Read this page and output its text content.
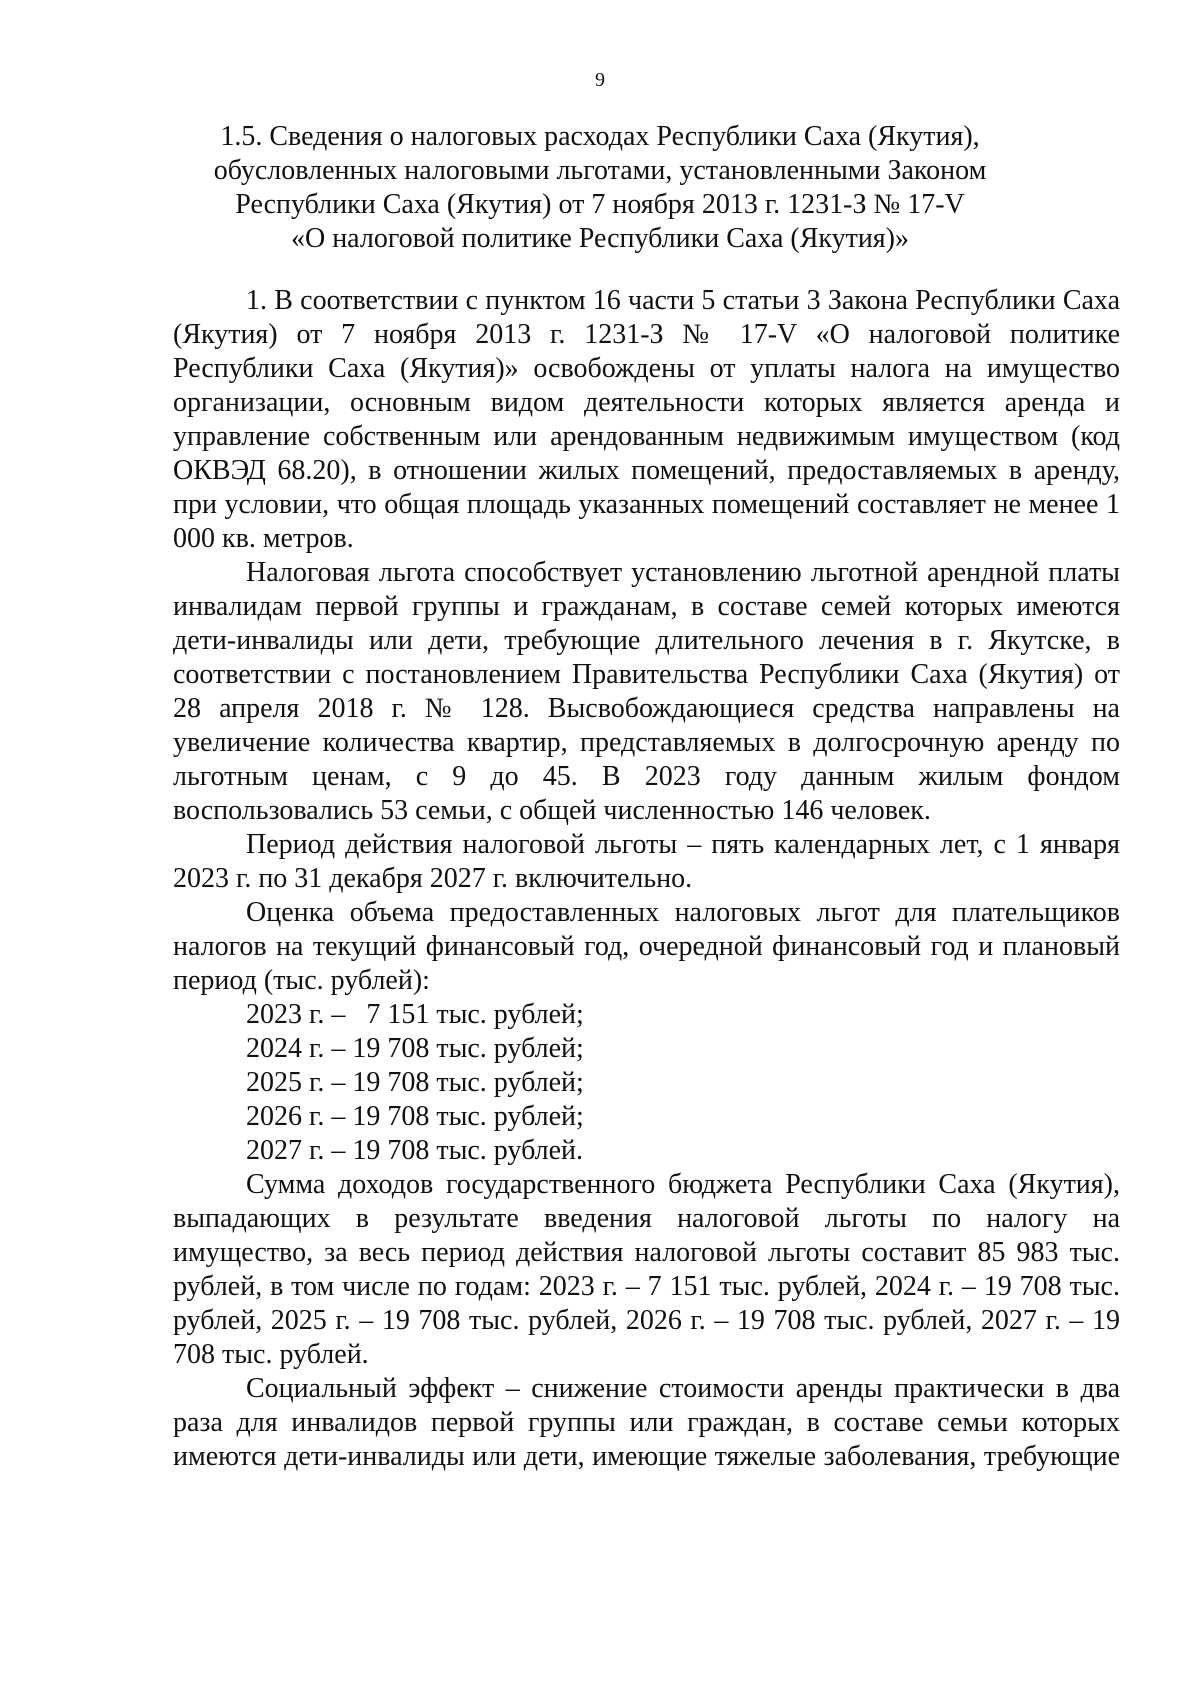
9
1.5. Сведения о налоговых расходах Республики Саха (Якутия),
обусловленных налоговыми льготами, установленными Законом
Республики Саха (Якутия) от 7 ноября 2013 г. 1231-З № 17-V
«О налоговой политике Республики Саха (Якутия)»

1. В соответствии с пунктом 16 части 5 статьи 3 Закона Республики Саха (Якутия) от 7 ноября 2013 г. 1231-З № 17-V «О налоговой политике Республики Саха (Якутия)» освобождены от уплаты налога на имущество организации, основным видом деятельности которых является аренда и управление собственным или арендованным недвижимым имуществом (код ОКВЭД 68.20), в отношении жилых помещений, предоставляемых в аренду, при условии, что общая площадь указанных помещений составляет не менее 1 000 кв. метров.

Налоговая льгота способствует установлению льготной арендной платы инвалидам первой группы и гражданам, в составе семей которых имеются дети-инвалиды или дети, требующие длительного лечения в г. Якутске, в соответствии с постановлением Правительства Республики Саха (Якутия) от 28 апреля 2018 г. № 128. Высвобождающиеся средства направлены на увеличение количества квартир, представляемых в долгосрочную аренду по льготным ценам, с 9 до 45. В 2023 году данным жилым фондом воспользовались 53 семьи, с общей численностью 146 человек.

Период действия налоговой льготы – пять календарных лет, с 1 января 2023 г. по 31 декабря 2027 г. включительно.

Оценка объема предоставленных налоговых льгот для плательщиков налогов на текущий финансовый год, очередной финансовый год и плановый период (тыс. рублей):

2023 г. –   7 151 тыс. рублей;

2024 г. – 19 708 тыс. рублей;

2025 г. – 19 708 тыс. рублей;

2026 г. – 19 708 тыс. рублей;

2027 г. – 19 708 тыс. рублей.

Сумма доходов государственного бюджета Республики Саха (Якутия), выпадающих в результате введения налоговой льготы по налогу на имущество, за весь период действия налоговой льготы составит 85 983 тыс. рублей, в том числе по годам: 2023 г. – 7 151 тыс. рублей, 2024 г. – 19 708 тыс. рублей, 2025 г. – 19 708 тыс. рублей, 2026 г. – 19 708 тыс. рублей, 2027 г. – 19 708 тыс. рублей.

Социальный эффект – снижение стоимости аренды практически в два раза для инвалидов первой группы или граждан, в составе семьи которых имеются дети-инвалиды или дети, имеющие тяжелые заболевания, требующие
